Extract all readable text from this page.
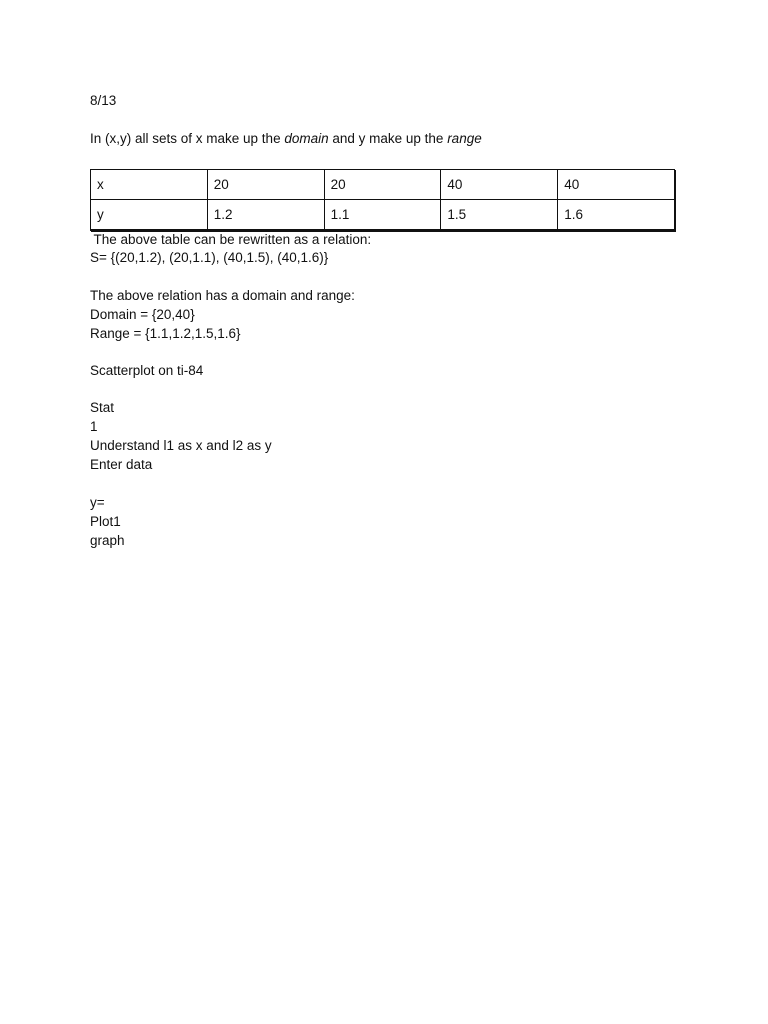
8/13
In (x,y) all sets of x make up the domain and y make up the range
x	20	20	40	40
y	1.2	1.1	1.5	1.6
The above table can be rewritten as a relation:
S= {(20,1.2), (20,1.1), (40,1.5), (40,1.6)}
The above relation has a domain and range:
Domain = {20,40}
Range = {1.1,1.2,1.5,1.6}
Scatterplot on ti-84
Stat
1
Understand l1 as x and l2 as y
Enter data
y=
Plot1
graph
